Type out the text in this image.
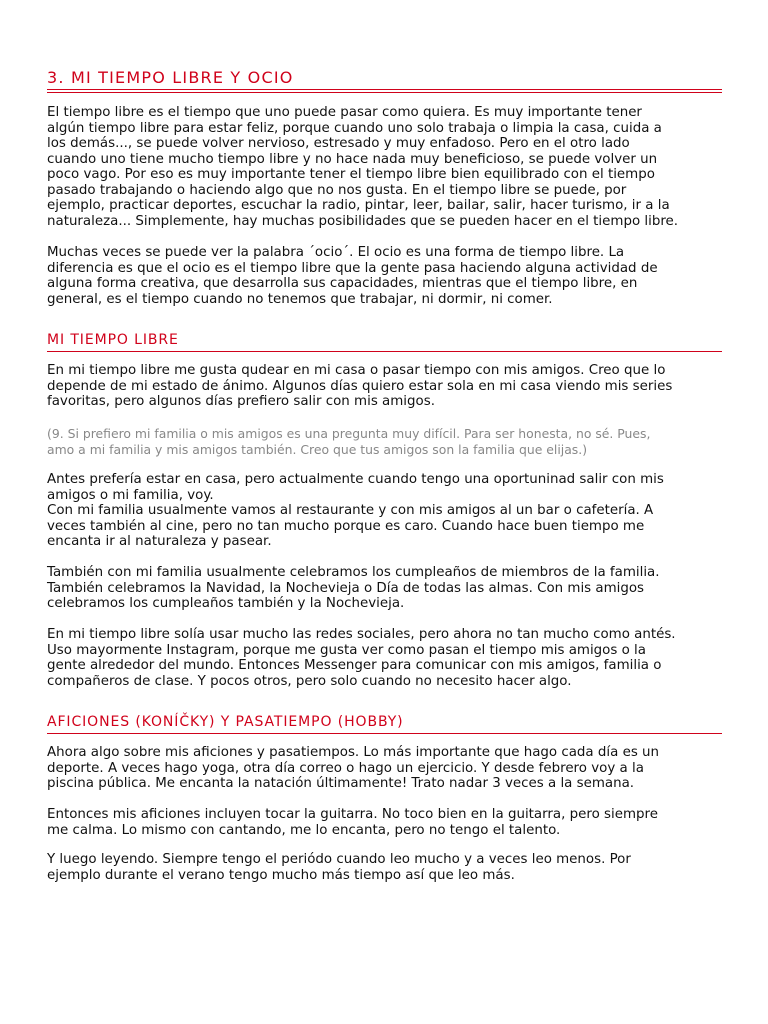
3. MI TIEMPO LIBRE Y OCIO
El tiempo libre es el tiempo que uno puede pasar como quiera. Es muy importante tener
algún tiempo libre para estar feliz, porque cuando uno solo trabaja o limpia la casa, cuida a
los demás..., se puede volver nervioso, estresado y muy enfadoso. Pero en el otro lado
cuando uno tiene mucho tiempo libre y no hace nada muy beneficioso, se puede volver un
poco vago. Por eso es muy importante tener el tiempo libre bien equilibrado con el tiempo
pasado trabajando o haciendo algo que no nos gusta. En el tiempo libre se puede, por
ejemplo, practicar deportes, escuchar la radio, pintar, leer, bailar, salir, hacer turismo, ir a la
naturaleza... Simplemente, hay muchas posibilidades que se pueden hacer en el tiempo libre.
Muchas veces se puede ver la palabra ´ocio´. El ocio es una forma de tiempo libre. La
diferencia es que el ocio es el tiempo libre que la gente pasa haciendo alguna actividad de
alguna forma creativa, que desarrolla sus capacidades, mientras que el tiempo libre, en
general, es el tiempo cuando no tenemos que trabajar, ni dormir, ni comer.
MI TIEMPO LIBRE
En mi tiempo libre me gusta qudear en mi casa o pasar tiempo con mis amigos. Creo que lo
depende de mi estado de ánimo. Algunos días quiero estar sola en mi casa viendo mis series
favoritas, pero algunos días prefiero salir con mis amigos.
(9. Si prefiero mi familia o mis amigos es una pregunta muy difícil. Para ser honesta, no sé. Pues,
amo a mi familia y mis amigos también. Creo que tus amigos son la familia que elijas.)
Antes prefería estar en casa, pero actualmente cuando tengo una oportuninad salir con mis
amigos o mi familia, voy.
Con mi familia usualmente vamos al restaurante y con mis amigos al un bar o cafetería. A
veces también al cine, pero no tan mucho porque es caro. Cuando hace buen tiempo me
encanta ir al naturaleza y pasear.
También con mi familia usualmente celebramos los cumpleaños de miembros de la familia.
También celebramos la Navidad, la Nochevieja o Día de todas las almas. Con mis amigos
celebramos los cumpleaños también y la Nochevieja.
En mi tiempo libre solía usar mucho las redes sociales, pero ahora no tan mucho como antés.
Uso mayormente Instagram, porque me gusta ver como pasan el tiempo mis amigos o la
gente alrededor del mundo. Entonces Messenger para comunicar con mis amigos, familia o
compañeros de clase. Y pocos otros, pero solo cuando no necesito hacer algo.
AFICIONES (KONÍČKY) Y PASATIEMPO (HOBBY)
Ahora algo sobre mis aficiones y pasatiempos. Lo más importante que hago cada día es un
deporte. A veces hago yoga, otra día correo o hago un ejercicio. Y desde febrero voy a la
piscina pública. Me encanta la natación últimamente! Trato nadar 3 veces a la semana.
Entonces mis aficiones incluyen tocar la guitarra. No toco bien en la guitarra, pero siempre
me calma. Lo mismo con cantando, me lo encanta, pero no tengo el talento.
Y luego leyendo. Siempre tengo el periódo cuando leo mucho y a veces leo menos. Por
ejemplo durante el verano tengo mucho más tiempo así que leo más.
